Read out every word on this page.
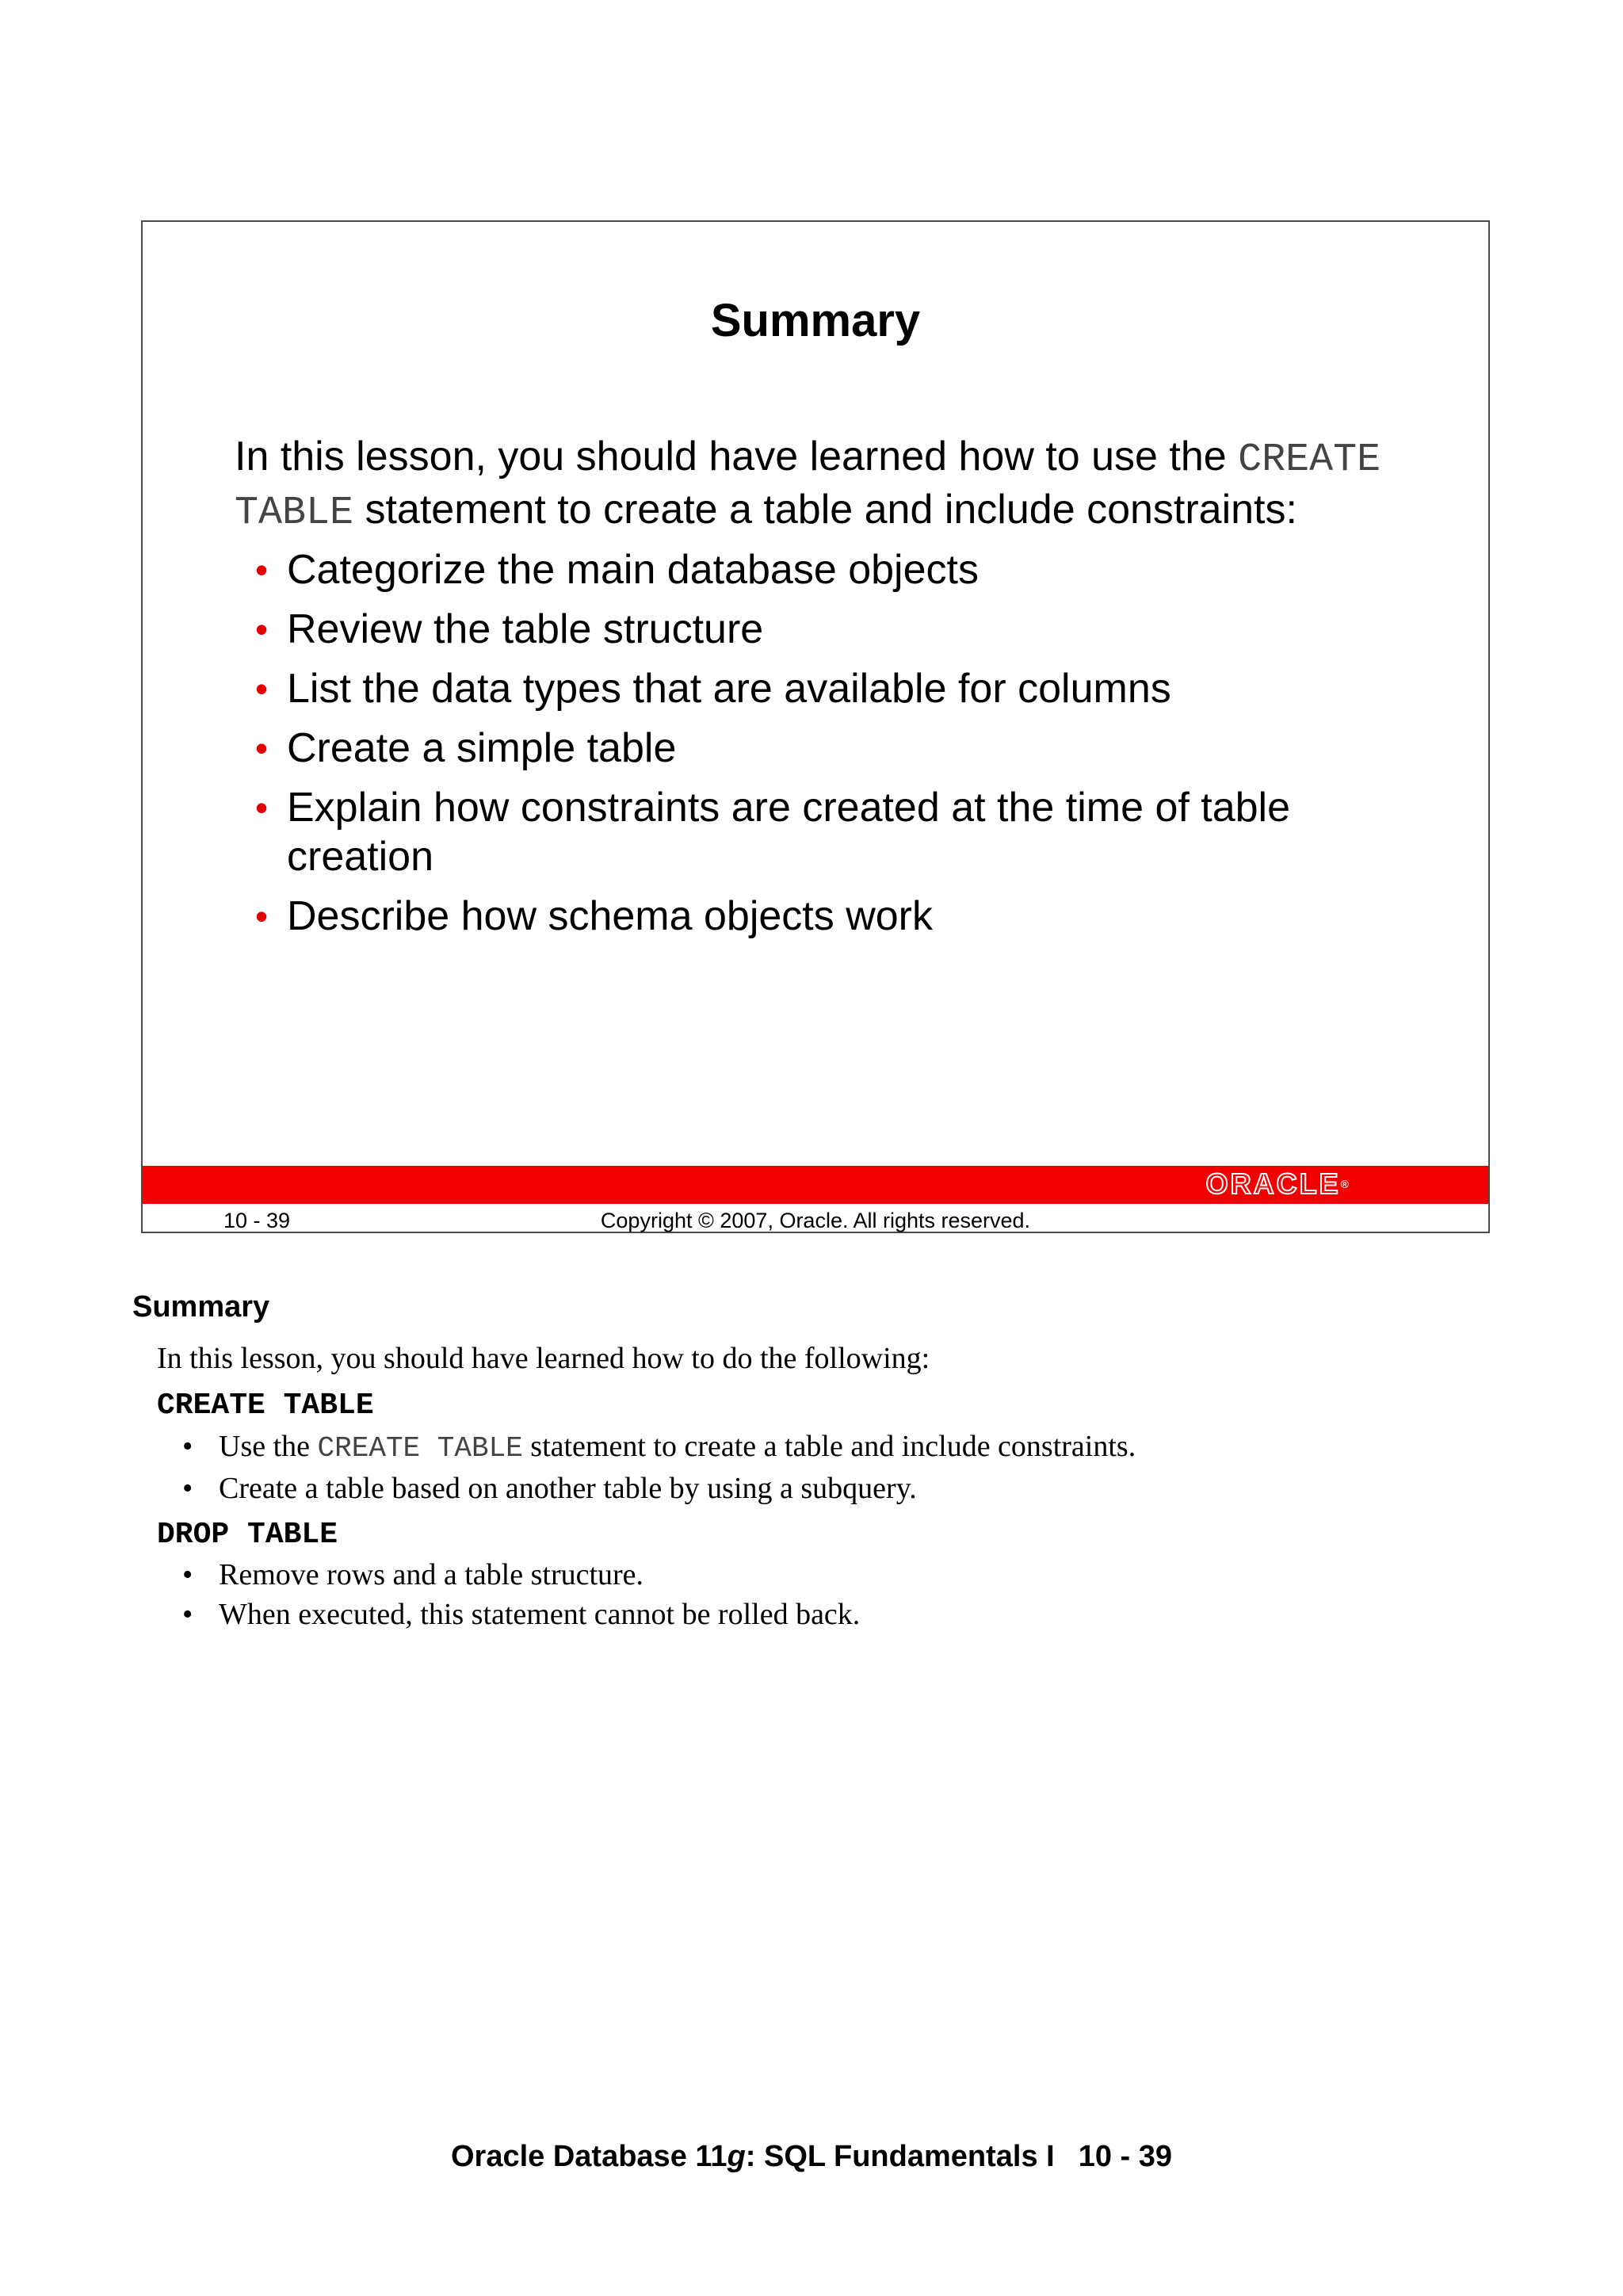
Summary
In this lesson, you should have learned how to use the CREATE TABLE statement to create a table and include constraints:
• Categorize the main database objects
• Review the table structure
• List the data types that are available for columns
• Create a simple table
• Explain how constraints are created at the time of table creation
• Describe how schema objects work
ORACLE®
Copyright © 2007, Oracle. All rights reserved.
10 - 39
Summary
In this lesson, you should have learned how to do the following:
CREATE TABLE
• Use the CREATE TABLE statement to create a table and include constraints.
• Create a table based on another table by using a subquery.
DROP TABLE
• Remove rows and a table structure.
• When executed, this statement cannot be rolled back.
Oracle Database 11g: SQL Fundamentals I 10 - 39
